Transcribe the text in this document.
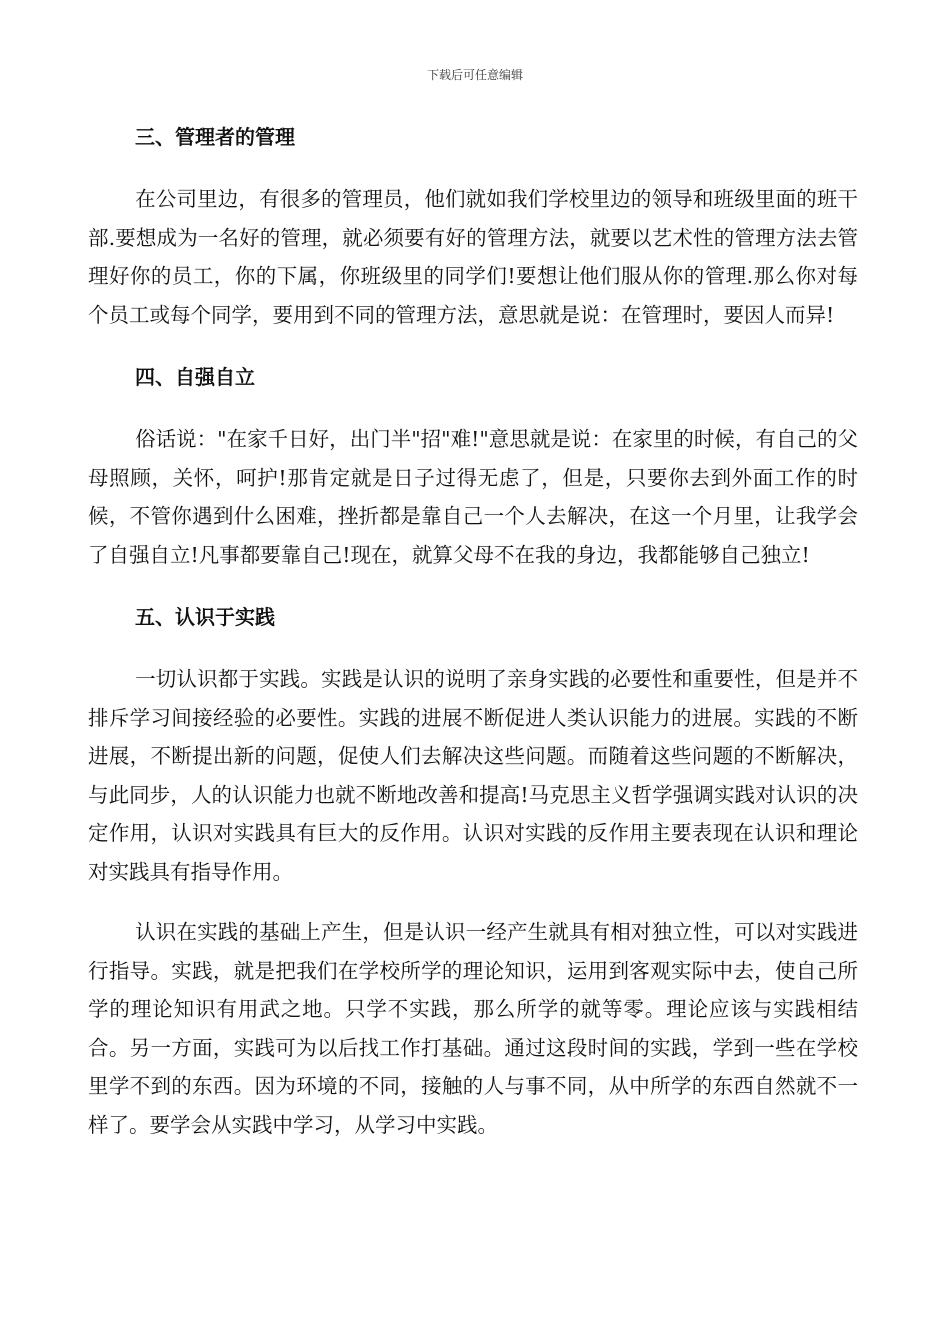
下载后可任意编辑
三、管理者的管理

在公司里边，有很多的管理员，他们就如我们学校里边的领导和班级里面的班干部.要想成为一名好的管理，就必须要有好的管理方法，就要以艺术性的管理方法去管理好你的员工，你的下属，你班级里的同学们!要想让他们服从你的管理.那么你对每个员工或每个同学，要用到不同的管理方法，意思就是说：在管理时，要因人而异!

四、自强自立

俗话说："在家千日好，出门半"招"难!"意思就是说：在家里的时候，有自己的父母照顾，关怀，呵护!那肯定就是日子过得无虑了，但是，只要你去到外面工作的时候，不管你遇到什么困难，挫折都是靠自己一个人去解决，在这一个月里，让我学会了自强自立!凡事都要靠自己!现在，就算父母不在我的身边，我都能够自己独立!

五、认识于实践

一切认识都于实践。实践是认识的说明了亲身实践的必要性和重要性，但是并不排斥学习间接经验的必要性。实践的进展不断促进人类认识能力的进展。实践的不断进展，不断提出新的问题，促使人们去解决这些问题。而随着这些问题的不断解决，与此同步，人的认识能力也就不断地改善和提高!马克思主义哲学强调实践对认识的决定作用，认识对实践具有巨大的反作用。认识对实践的反作用主要表现在认识和理论对实践具有指导作用。

认识在实践的基础上产生，但是认识一经产生就具有相对独立性，可以对实践进行指导。实践，就是把我们在学校所学的理论知识，运用到客观实际中去，使自己所学的理论知识有用武之地。只学不实践，那么所学的就等零。理论应该与实践相结合。另一方面，实践可为以后找工作打基础。通过这段时间的实践，学到一些在学校里学不到的东西。因为环境的不同，接触的人与事不同，从中所学的东西自然就不一样了。要学会从实践中学习，从学习中实践。
